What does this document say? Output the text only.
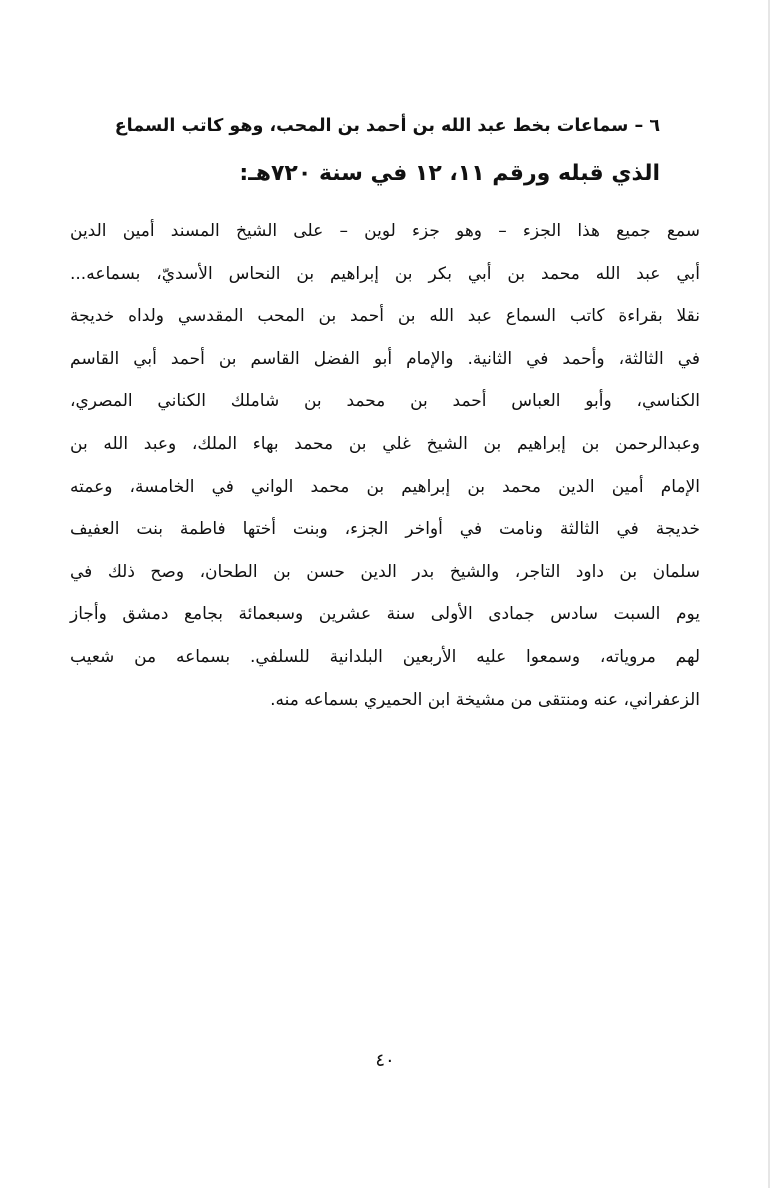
٦ – سماعات بخط عبد الله بن أحمد بن المحب، وهو كاتب السماع
الذي قبله ورقم ١١، ١٢ في سنة ٧٢٠هـ:
سمع جميع هذا الجزء – وهو جزء لوين – على الشيخ المسند أمين الدين
أبي عبد الله محمد بن أبي بكر بن إبراهيم بن النحاس الأسديّ، بسماعه...
نقلا بقراءة كاتب السماع عبد الله بن أحمد بن المحب المقدسي ولداه خديجة
في الثالثة، وأحمد في الثانية. والإمام أبو الفضل القاسم بن أحمد أبي القاسم
الكناسي، وأبو العباس أحمد بن محمد بن شاملك الكناني المصري،
وعبدالرحمن بن إبراهيم بن الشيخ غلي بن محمد بهاء الملك، وعبد الله بن
الإمام أمين الدين محمد بن إبراهيم بن محمد الواني في الخامسة، وعمته
خديجة في الثالثة ونامت في أواخر الجزء، وبنت أختها فاطمة بنت العفيف
سلمان بن داود التاجر، والشيخ بدر الدين حسن بن الطحان، وصح ذلك في
يوم السبت سادس جمادى الأولى سنة عشرين وسبعمائة بجامع دمشق وأجاز
لهم مروياته، وسمعوا عليه الأربعين البلدانية للسلفي. بسماعه من شعيب
الزعفراني، عنه ومنتقى من مشيخة ابن الحميري بسماعه منه.
٤٠
